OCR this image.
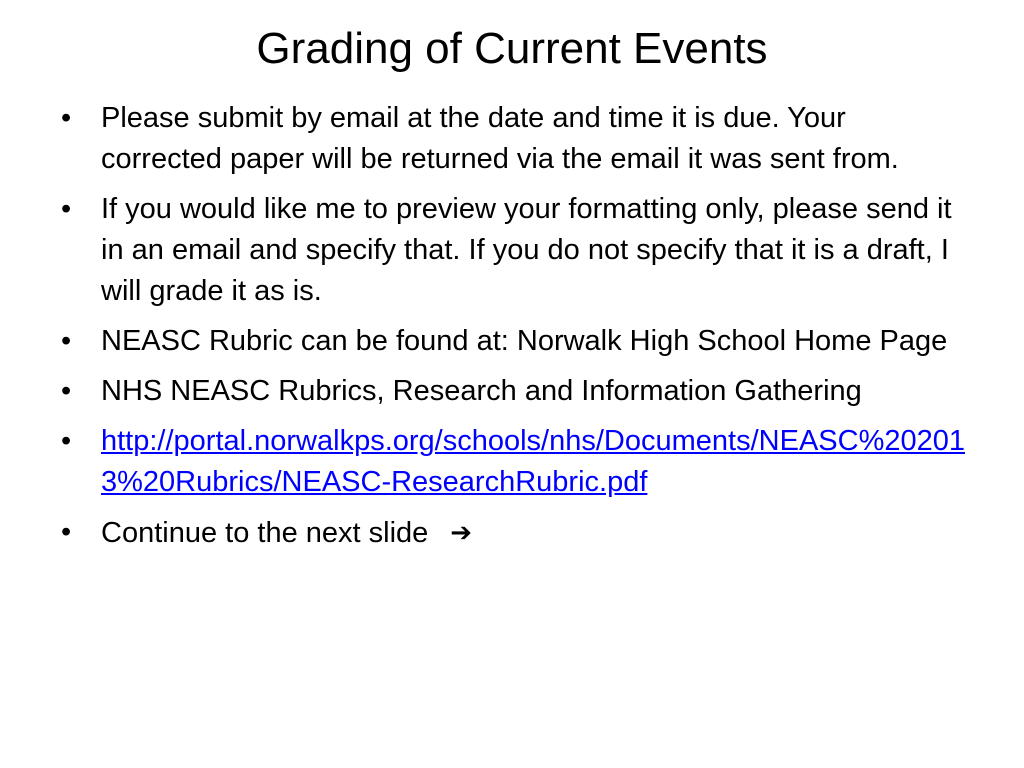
Grading of Current Events
• Please submit by email at the date and time it is due. Your corrected paper will be returned via the email it was sent from.
• If you would like me to preview your formatting only, please send it in an email and specify that. If you do not specify that it is a draft, I will grade it as is.
• NEASC Rubric can be found at: Norwalk High School Home Page
• NHS NEASC Rubrics, Research and Information Gathering
• http://portal.norwalkps.org/schools/nhs/Documents/NEASC%202013%20Rubrics/NEASC-ResearchRubric.pdf
• Continue to the next slide ➔
